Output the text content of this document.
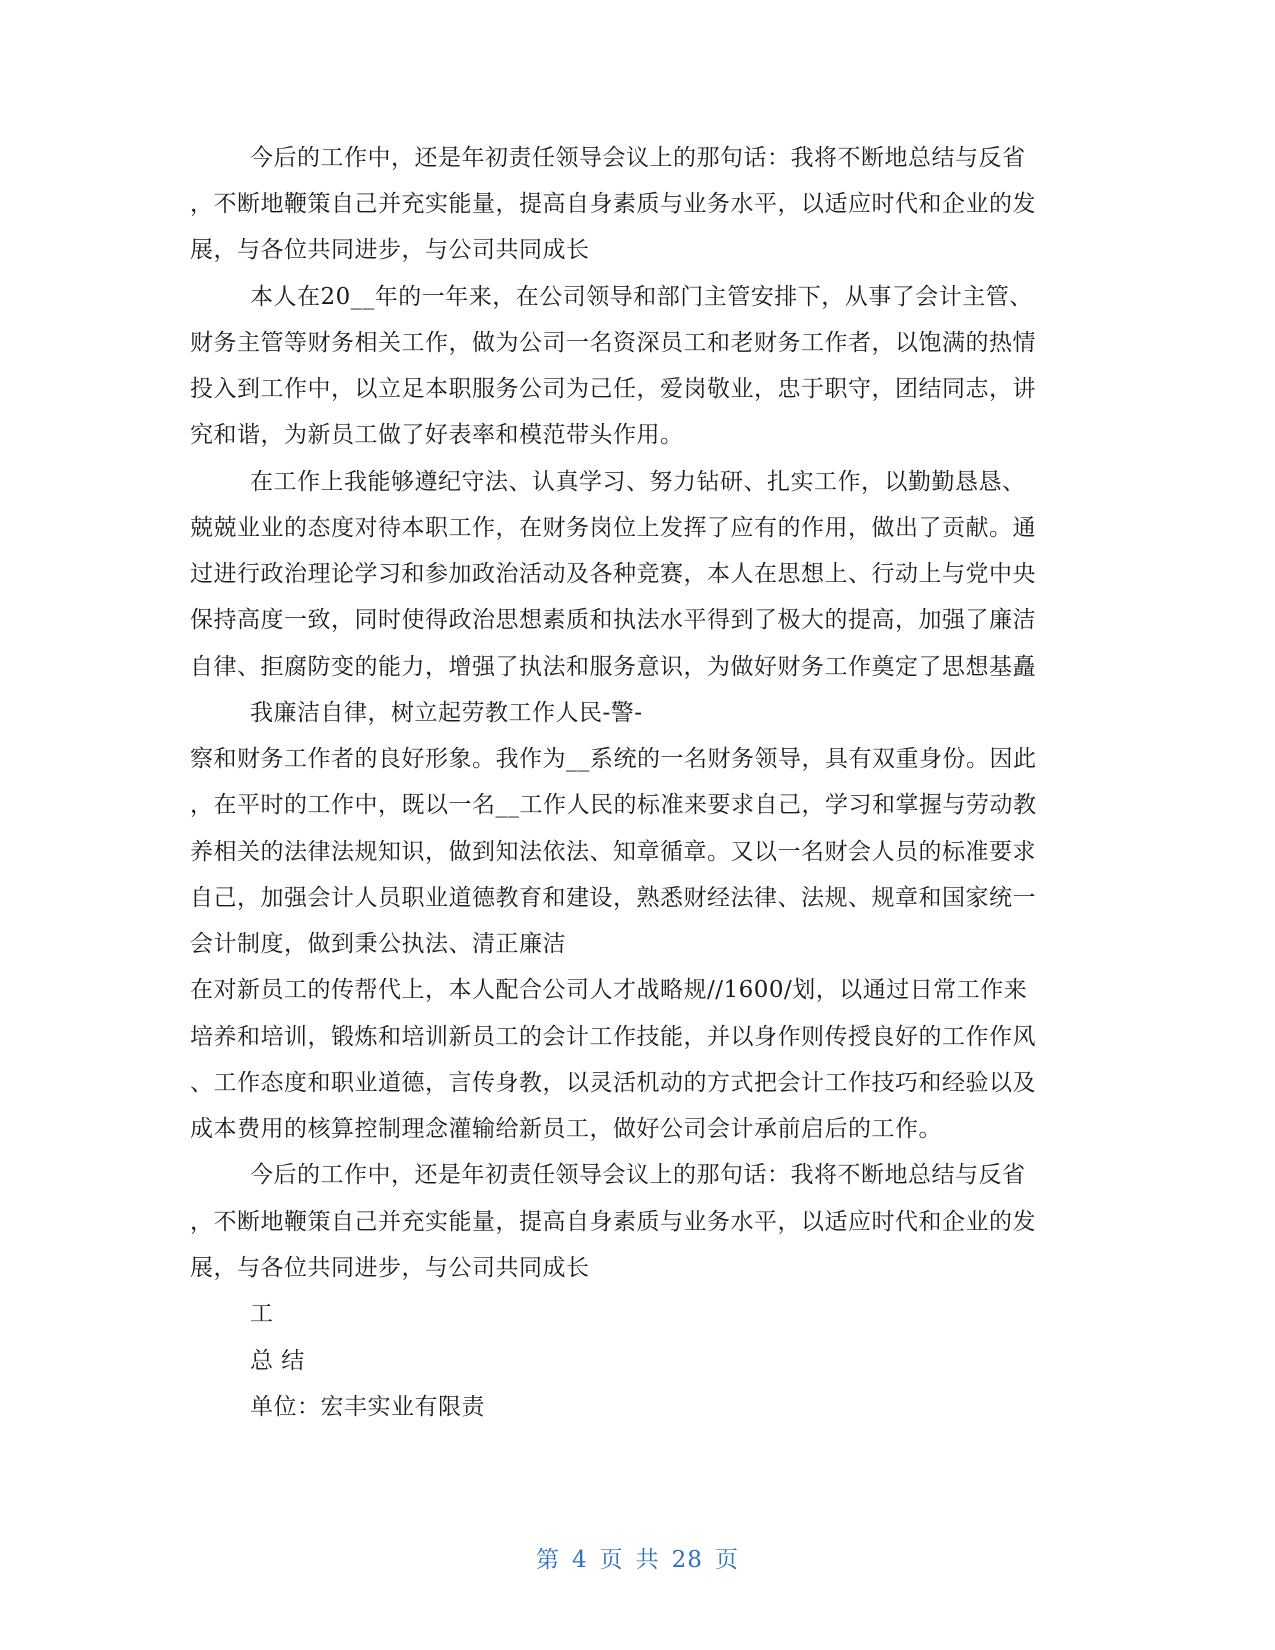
今后的工作中，还是年初责任领导会议上的那句话：我将不断地总结与反省
，不断地鞭策自己并充实能量，提高自身素质与业务水平，以适应时代和企业的发
展，与各位共同进步，与公司共同成长
本人在20__年的一年来，在公司领导和部门主管安排下，从事了会计主管、
财务主管等财务相关工作，做为公司一名资深员工和老财务工作者，以饱满的热情
投入到工作中，以立足本职服务公司为己任，爱岗敬业，忠于职守，团结同志，讲
究和谐，为新员工做了好表率和模范带头作用。
在工作上我能够遵纪守法、认真学习、努力钻研、扎实工作，以勤勤恳恳、
兢兢业业的态度对待本职工作，在财务岗位上发挥了应有的作用，做出了贡献。通
过进行政治理论学习和参加政治活动及各种竞赛，本人在思想上、行动上与党中央
保持高度一致，同时使得政治思想素质和执法水平得到了极大的提高，加强了廉洁
自律、拒腐防变的能力，增强了执法和服务意识，为做好财务工作奠定了思想基矗
我廉洁自律，树立起劳教工作人民-警-
察和财务工作者的良好形象。我作为__系统的一名财务领导，具有双重身份。因此
，在平时的工作中，既以一名__工作人民的标准来要求自己，学习和掌握与劳动教
养相关的法律法规知识，做到知法依法、知章循章。又以一名财会人员的标准要求
自己，加强会计人员职业道德教育和建设，熟悉财经法律、法规、规章和国家统一
会计制度，做到秉公执法、清正廉洁
在对新员工的传帮代上，本人配合公司人才战略规//1600/划，以通过日常工作来
培养和培训，锻炼和培训新员工的会计工作技能，并以身作则传授良好的工作作风
、工作态度和职业道德，言传身教，以灵活机动的方式把会计工作技巧和经验以及
成本费用的核算控制理念灌输给新员工，做好公司会计承前启后的工作。
今后的工作中，还是年初责任领导会议上的那句话：我将不断地总结与反省
，不断地鞭策自己并充实能量，提高自身素质与业务水平，以适应时代和企业的发
展，与各位共同进步，与公司共同成长
工
总 结
单位：宏丰实业有限责
第 4 页 共 28 页
